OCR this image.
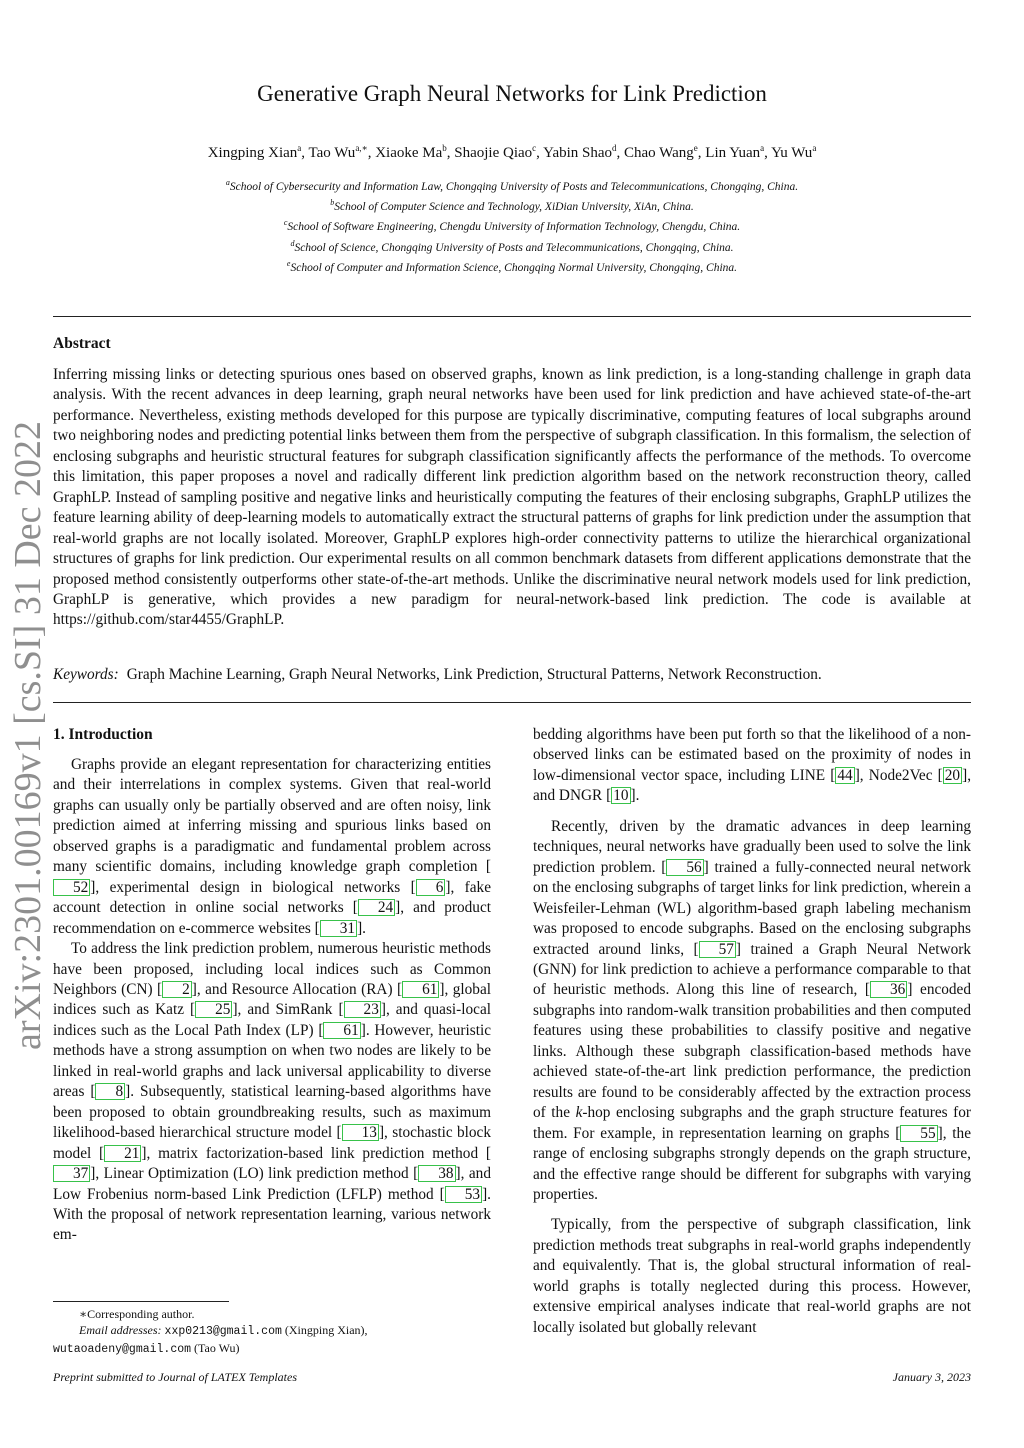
arXiv:2301.00169v1 [cs.SI] 31 Dec 2022
Generative Graph Neural Networks for Link Prediction
Xingping Xian$^a$, Tao $Wu^{a,∗}$, Xiaoke Ma$^b$, Shaojie Qiao$^c$, Yabin Shao$^d$, Chao Wang$^e$, Lin Yuan$^a$, Yu Wu$^a$
$^a$School of Cybersecurity and Information Law, Chongqing University of Posts and Telecommunications, Chongqing, China.
$^b$School of Computer Science and Technology, XiDian University, XiAn, China.
$^c$School of Software Engineering, Chengdu University of Information Technology, Chengdu, China.
$^d$School of Science, Chongqing University of Posts and Telecommunications, Chongqing, China.
$^e$School of Computer and Information Science, Chongqing Normal University, Chongqing, China.
Abstract
Inferring missing links or detecting spurious ones based on observed graphs, known as link prediction, is a long-standing challenge in graph data analysis. With the recent advances in deep learning, graph neural networks have been used for link prediction and have achieved state-of-the-art performance. Nevertheless, existing methods developed for this purpose are typically discriminative, computing features of local subgraphs around two neighboring nodes and predicting potential links between them from the perspective of subgraph classification. In this formalism, the selection of enclosing subgraphs and heuristic structural features for subgraph classification significantly affects the performance of the methods. To overcome this limitation, this paper proposes a novel and radically different link prediction algorithm based on the network reconstruction theory, called GraphLP. Instead of sampling positive and negative links and heuristically computing the features of their enclosing subgraphs, GraphLP utilizes the feature learning ability of deep-learning models to automatically extract the structural patterns of graphs for link prediction under the assumption that real-world graphs are not locally isolated. Moreover, GraphLP explores high-order connectivity patterns to utilize the hierarchical organizational structures of graphs for link prediction. Our experimental results on all common benchmark datasets from different applications demonstrate that the proposed method consistently outperforms other state-of-the-art methods. Unlike the discriminative neural network models used for link prediction, GraphLP is generative, which provides a new paradigm for neural-network-based link prediction. The code is available at https://github.com/star4455/GraphLP.
Keywords: Graph Machine Learning, Graph Neural Networks, Link Prediction, Structural Patterns, Network Reconstruction.
1. Introduction

Graphs provide an elegant representation for characterizing entities and their interrelations in complex systems. Given that real-world graphs can usually only be partially observed and are often noisy, link prediction aimed at inferring missing and spurious links based on observed graphs is a paradigmatic and fundamental problem across many scientific domains, including knowledge graph completion [52 ], experimental design in biological networks [ 6 ], fake account detection in online social networks [ 24 ], and product recommendation on e-commerce websites [ 31 ].

To address the link prediction problem, numerous heuristic methods have been proposed, including local indices such as Common Neighbors (CN) [ 2 ], and Resource Allocation (RA) [ 61 ], global indices such as Katz [ 25 ], and SimRank [ 23 ], and quasi-local indices such as the Local Path Index (LP) [ 61 ]. However, heuristic methods have a strong assumption on when two nodes are likely to be linked in real-world graphs and lack universal applicability to diverse areas [ 8 ]. Subsequently, statistical learning-based algorithms have been proposed to obtain groundbreaking results, such as maximum likelihood-based hierarchical structure model [ 13 ], stochastic block model [ 21 ], matrix factorization-based link prediction method [37 ], Linear Optimization (LO) link prediction method [ 38 ], and Low Frobenius norm-based Link Prediction (LFLP) method [ 53 ]. With the proposal of network representation learning, various network em-

bedding algorithms have been put forth so that the likelihood of a non-observed links can be estimated based on the proximity of nodes in low-dimensional vector space, including LINE [ 44 ], Node2Vec [ 20 ], and DNGR [ 10 ].

Recently, driven by the dramatic advances in deep learning techniques, neural networks have gradually been used to solve the link prediction problem. [ 56 ] trained a fully-connected neural network on the enclosing subgraphs of target links for link prediction, wherein a Weisfeiler-Lehman (WL) algorithm-based graph labeling mechanism was proposed to encode subgraphs. Based on the enclosing subgraphs extracted around links, [ 57 ] trained a Graph Neural Network (GNN) for link prediction to achieve a performance comparable to that of heuristic methods. Along this line of research, [ 36 ] encoded subgraphs into random-walk transition probabilities and then computed features using these probabilities to classify positive and negative links. Although these subgraph classification-based methods have achieved state-of-the-art link prediction performance, the prediction results are found to be considerably affected by the extraction process of the k-hop enclosing subgraphs and the graph structure features for them. For example, in representation learning on graphs [ 55 ], the range of enclosing subgraphs strongly depends on the graph structure, and the effective range should be different for subgraphs with varying properties.

Typically, from the perspective of subgraph classification, link prediction methods treat subgraphs in real-world graphs independently and equivalently. That is, the global structural information of real-world graphs is totally neglected during this process. However, extensive empirical analyses indicate that real-world graphs are not locally isolated but globally relevant

∗Corresponding author.
Email addresses: xxp0213@gmail.com (Xingping Xian),
wutaoadeny@gmail.com (Tao Wu)
Preprint submitted to Journal of LATEX Templates	January 3, 2023
